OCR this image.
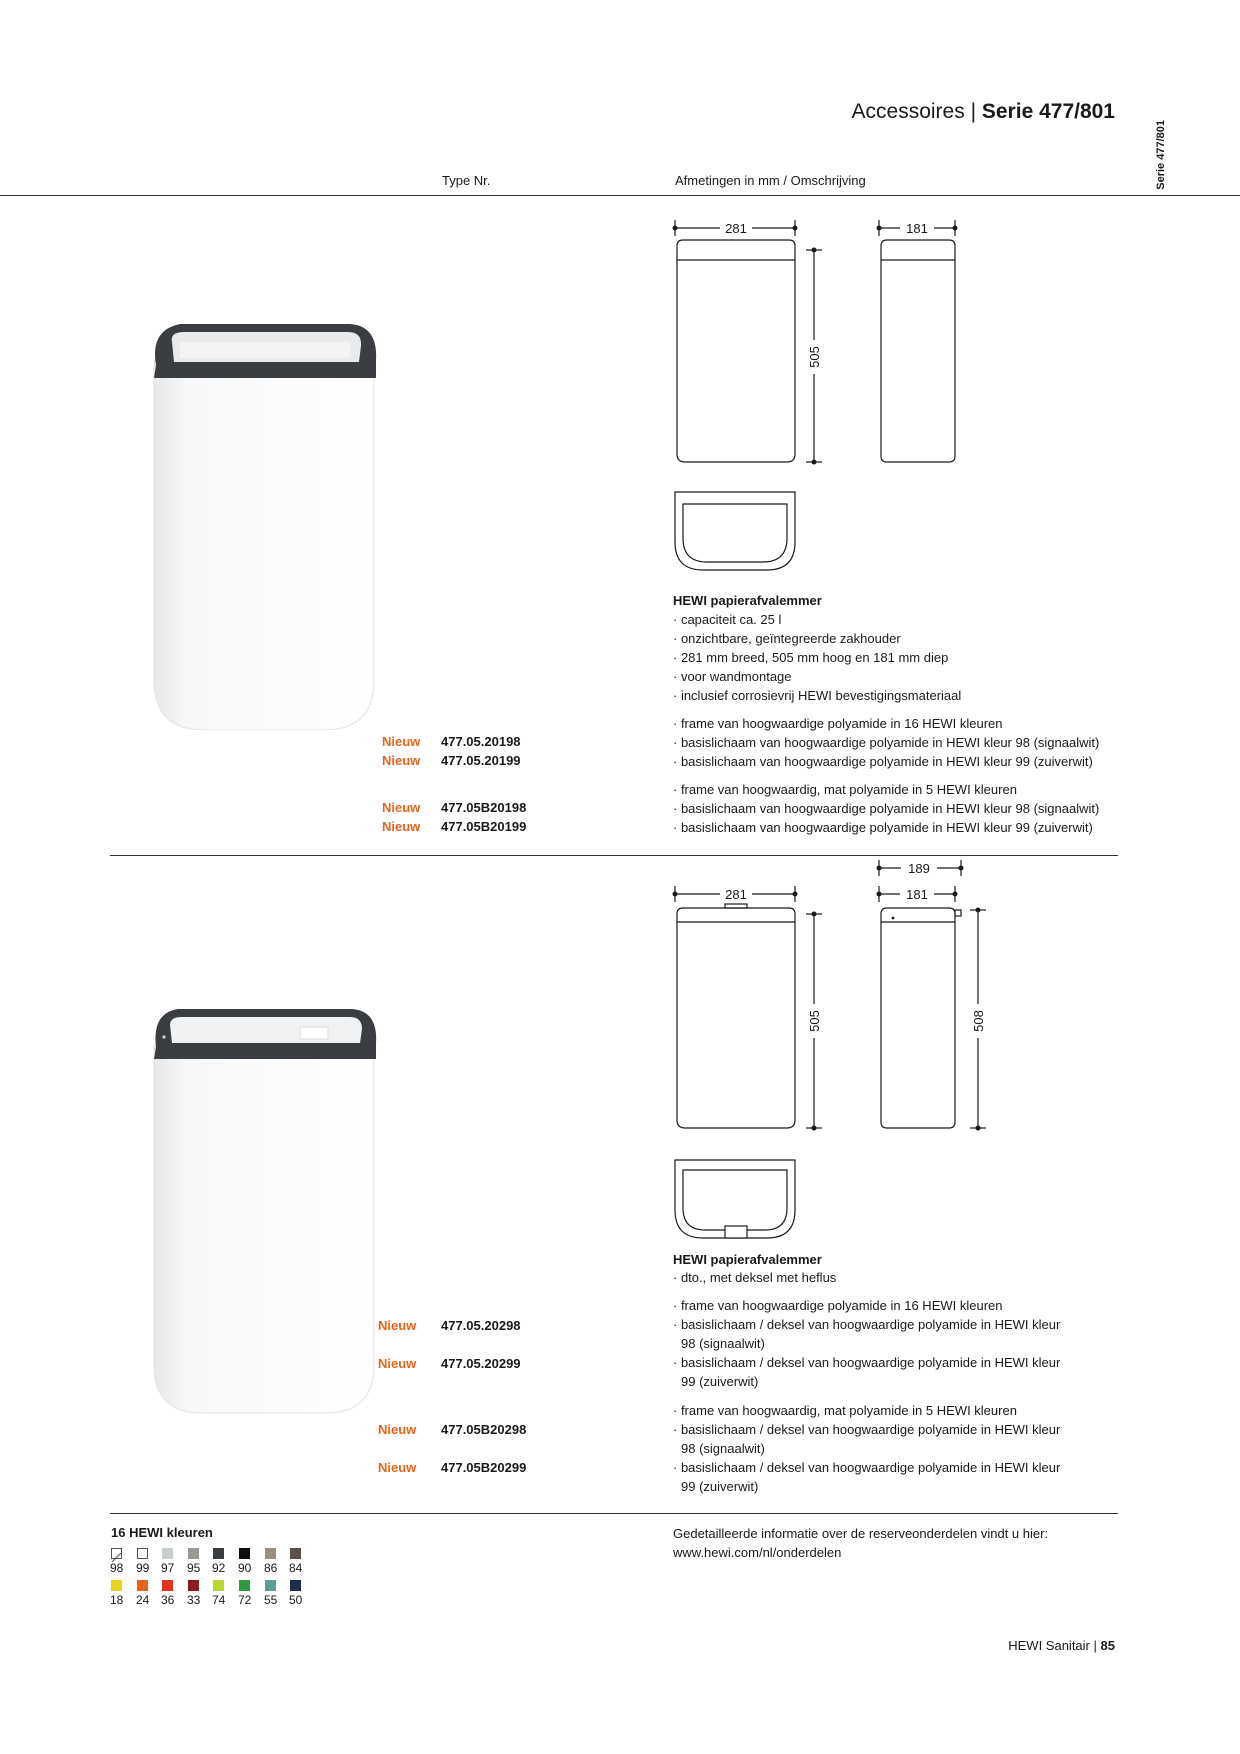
Accessoires | Serie 477/801
Type Nr.	Afmetingen in mm / Omschrijving	Serie 477/801
281	181
505
HEWI papierafvalemmer
· capaciteit ca. 25 l
· onzichtbare, geïntegreerde zakhouder
· 281 mm breed, 505 mm hoog en 181 mm diep
· voor wandmontage
· inclusief corrosievrij HEWI bevestigingsmateriaal
· frame van hoogwaardige polyamide in 16 HEWI kleuren
Nieuw 477.05.20198	· basislichaam van hoogwaardige polyamide in HEWI kleur 98 (signaalwit)
Nieuw 477.05.20199	· basislichaam van hoogwaardige polyamide in HEWI kleur 99 (zuiverwit)
· frame van hoogwaardig, mat polyamide in 5 HEWI kleuren
Nieuw 477.05B20198	· basislichaam van hoogwaardige polyamide in HEWI kleur 98 (signaalwit)
Nieuw 477.05B20199	· basislichaam van hoogwaardige polyamide in HEWI kleur 99 (zuiverwit)
189
281	181
505	508
HEWI papierafvalemmer
· dto., met deksel met heflus
· frame van hoogwaardige polyamide in 16 HEWI kleuren
Nieuw 477.05.20298	· basislichaam / deksel van hoogwaardige polyamide in HEWI kleur
98 (signaalwit)
Nieuw 477.05.20299	· basislichaam / deksel van hoogwaardige polyamide in HEWI kleur
99 (zuiverwit)
· frame van hoogwaardig, mat polyamide in 5 HEWI kleuren
Nieuw 477.05B20298	· basislichaam / deksel van hoogwaardige polyamide in HEWI kleur
98 (signaalwit)
Nieuw 477.05B20299	· basislichaam / deksel van hoogwaardige polyamide in HEWI kleur
99 (zuiverwit)
16 HEWI kleuren
98	99 97	95 92	90	86 84
18	24 36	33 74	72	55 50
Gedetailleerde informatie over de reserveonderdelen vindt u hier:
www.hewi.com/nl/onderdelen
HEWI Sanitair | 85
